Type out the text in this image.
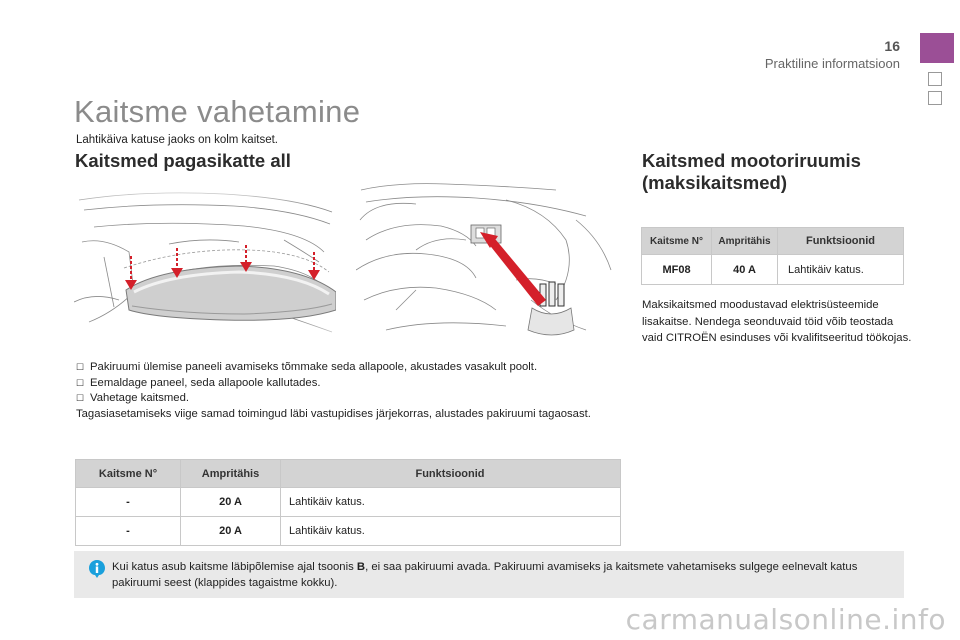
16
Praktiline informatsioon
Kaitsme vahetamine
Lahtikäiva katuse jaoks on kolm kaitset.
Kaitsmed pagasikatte all	Kaitsmed mootoriruumis
(maksikaitsmed)
☐ Pakiruumi ülemise paneeli avamiseks tõmmake seda allapoole, akustades vasakult poolt.
☐ Eemaldage paneel, seda allapoole kallutades.
☐ Vahetage kaitsmed.
Tagasiasetamiseks viige samad toimingud läbi vastupidises järjekorras, alustades pakiruumi tagaosast.
Kaitsme N°	Ampritähis	Funktsioonid
-	20 A	Lahtikäiv katus.
-	20 A	Lahtikäiv katus.
Kaitsme N°	Ampritähis	Funktsioonid
MF08	40 A	Lahtikäiv katus.
Maksikaitsmed moodustavad elektrisüsteemide lisakaitse. Nendega seonduvaid töid võib teostada vaid CITROËN esinduses või kvalifitseeritud töökojas.
Kui katus asub kaitsme läbipõlemise ajal tsoonis B, ei saa pakiruumi avada. Pakiruumi avamiseks ja kaitsmete vahetamiseks sulgege eelnevalt katus pakiruumi seest (klappides tagaistme kokku).
carmanualsonline.info
